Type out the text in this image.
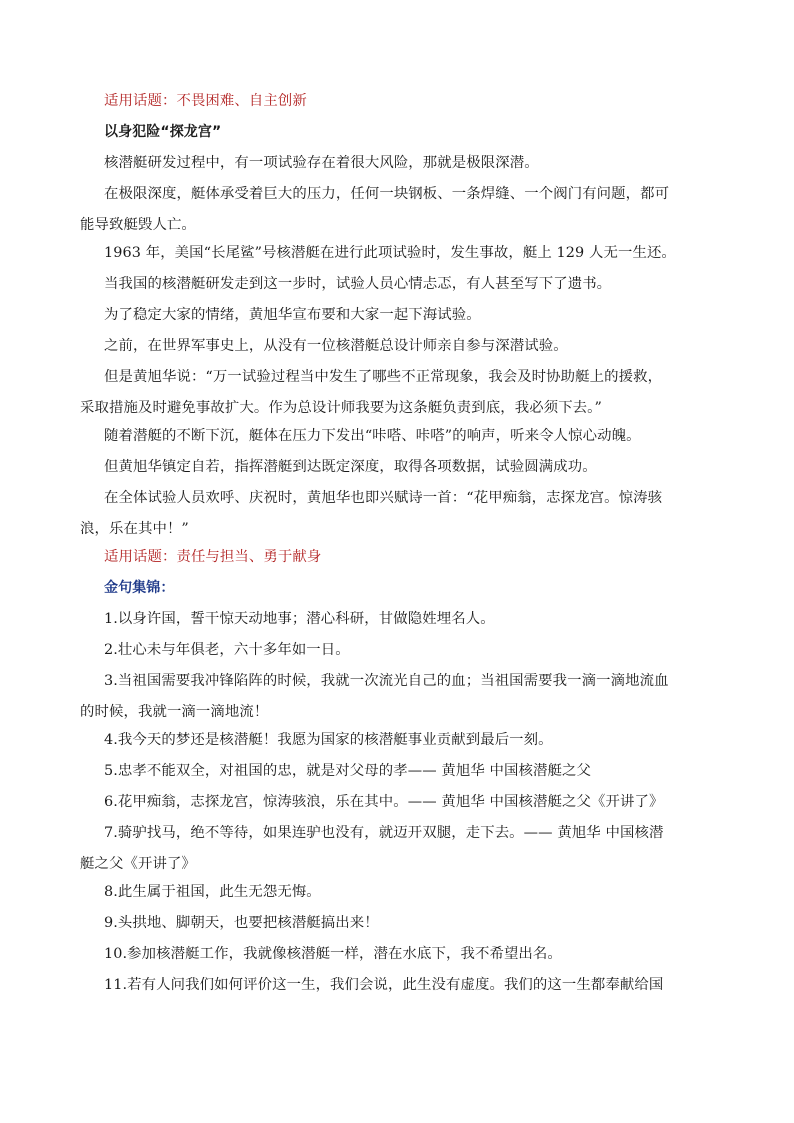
适用话题：不畏困难、自主创新
以身犯险“探龙宫”
核潜艇研发过程中，有一项试验存在着很大风险，那就是极限深潜。
在极限深度，艇体承受着巨大的压力，任何一块钢板、一条焊缝、一个阀门有问题，都可
能导致艇毁人亡。
1963 年，美国“长尾鲨”号核潜艇在进行此项试验时，发生事故，艇上 129 人无一生还。
当我国的核潜艇研发走到这一步时，试验人员心情忐忑，有人甚至写下了遗书。
为了稳定大家的情绪，黄旭华宣布要和大家一起下海试验。
之前，在世界军事史上，从没有一位核潜艇总设计师亲自参与深潜试验。
但是黄旭华说：“万一试验过程当中发生了哪些不正常现象，我会及时协助艇上的援救，
采取措施及时避免事故扩大。作为总设计师我要为这条艇负责到底，我必须下去。”
随着潜艇的不断下沉，艇体在压力下发出“咔嗒、咔嗒”的响声，听来令人惊心动魄。
但黄旭华镇定自若，指挥潜艇到达既定深度，取得各项数据，试验圆满成功。
在全体试验人员欢呼、庆祝时，黄旭华也即兴赋诗一首：“花甲痴翁，志探龙宫。惊涛骇
浪，乐在其中！”
适用话题：责任与担当、勇于献身
金句集锦：
1.以身许国，誓干惊天动地事；潜心科研，甘做隐姓埋名人。
2.壮心未与年俱老，六十多年如一日。
3.当祖国需要我冲锋陷阵的时候，我就一次流光自己的血；当祖国需要我一滴一滴地流血
的时候，我就一滴一滴地流！
4.我今天的梦还是核潜艇！我愿为国家的核潜艇事业贡献到最后一刻。
5.忠孝不能双全，对祖国的忠，就是对父母的孝—— 黄旭华 中国核潜艇之父
6.花甲痴翁，志探龙宫，惊涛骇浪，乐在其中。—— 黄旭华 中国核潜艇之父《开讲了》
7.骑驴找马，绝不等待，如果连驴也没有，就迈开双腿，走下去。—— 黄旭华 中国核潜
艇之父《开讲了》
8.此生属于祖国，此生无怨无悔。
9.头拱地、脚朝天，也要把核潜艇搞出来！
10.参加核潜艇工作，我就像核潜艇一样，潜在水底下，我不希望出名。
11.若有人问我们如何评价这一生，我们会说，此生没有虚度。我们的这一生都奉献给国
